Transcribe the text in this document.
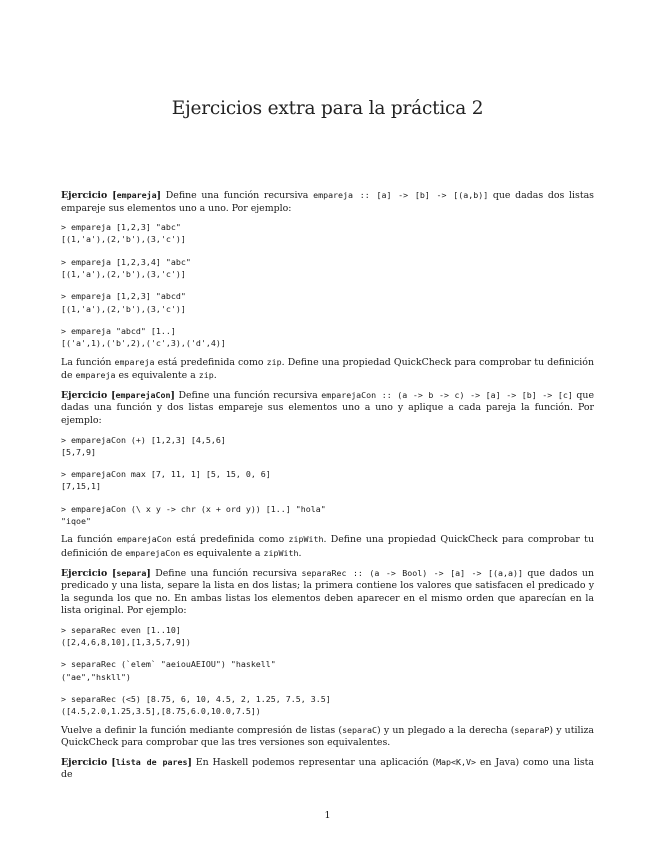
Ejercicios extra para la práctica 2

Ejercicio [empareja] Define una función recursiva empareja :: [a] -> [b] -> [(a,b)] que dadas dos listas empareje sus elementos uno a uno. Por ejemplo:

> empareja [1,2,3] "abc"
[(1,'a'),(2,'b'),(3,'c')]
> empareja [1,2,3,4] "abc"
[(1,'a'),(2,'b'),(3,'c')]
> empareja [1,2,3] "abcd"
[(1,'a'),(2,'b'),(3,'c')]
> empareja "abcd" [1..]
[('a',1),('b',2),('c',3),('d',4)]

La función empareja está predefinida como zip. Define una propiedad QuickCheck para comprobar tu definición de empareja es equivalente a zip.

Ejercicio [emparejaCon] Define una función recursiva emparejaCon :: (a -> b -> c) -> [a] -> [b] -> [c] que dadas una función y dos listas empareje sus elementos uno a uno y aplique a cada pareja la función. Por ejemplo:

> emparejaCon (+) [1,2,3] [4,5,6]
[5,7,9]
> emparejaCon max [7, 11, 1] [5, 15, 0, 6]
[7,15,1]
> emparejaCon (\ x y -> chr (x + ord y)) [1..] "hola"
"iqoe"

La función emparejaCon está predefinida como zipWith. Define una propiedad QuickCheck para comprobar tu definición de emparejaCon es equivalente a zipWith.

Ejercicio [separa] Define una función recursiva separaRec :: (a -> Bool) -> [a] -> [(a,a)] que dados un predicado y una lista, separe la lista en dos listas; la primera contiene los valores que satisfacen el predicado y la segunda los que no. En ambas listas los elementos deben aparecer en el mismo orden que aparecían en la lista original. Por ejemplo:

> separaRec even [1..10]
([2,4,6,8,10],[1,3,5,7,9])
> separaRec (`elem` "aeiouAEIOU") "haskell"
("ae","hskll")
> separaRec (<5) [8.75, 6, 10, 4.5, 2, 1.25, 7.5, 3.5]
([4.5,2.0,1.25,3.5],[8.75,6.0,10.0,7.5])

Vuelve a definir la función mediante compresión de listas (separaC) y un plegado a la derecha (separaP) y utiliza QuickCheck para comprobar que las tres versiones son equivalentes.

Ejercicio [lista de pares] En Haskell podemos representar una aplicación (Map<K,V> en Java) como una lista de

1
